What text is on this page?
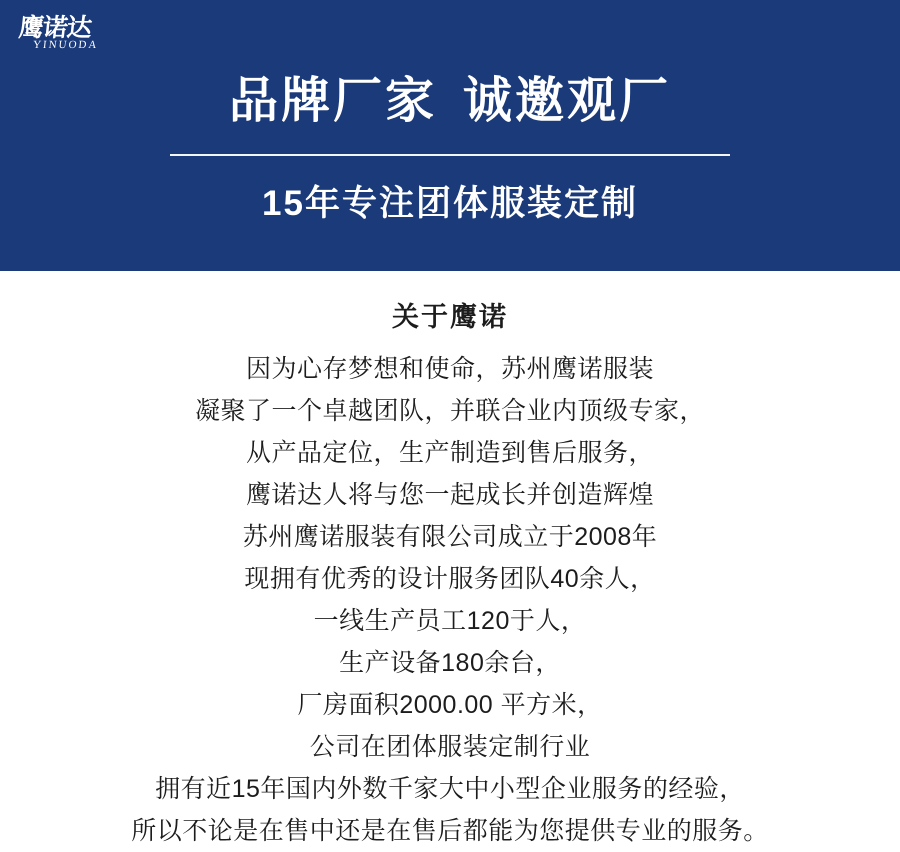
鹰诺达
YINUODA
品牌厂家 诚邀观厂
15年专注团体服装定制
关于鹰诺
因为心存梦想和使命，苏州鹰诺服装
凝聚了一个卓越团队，并联合业内顶级专家，
从产品定位，生产制造到售后服务，
鹰诺达人将与您一起成长并创造辉煌
苏州鹰诺服装有限公司成立于2008年
现拥有优秀的设计服务团队40余人，
一线生产员工120于人，
生产设备180余台，
厂房面积2000.00 平方米，
公司在团体服装定制行业
拥有近15年国内外数千家大中小型企业服务的经验，
所以不论是在售中还是在售后都能为您提供专业的服务。
